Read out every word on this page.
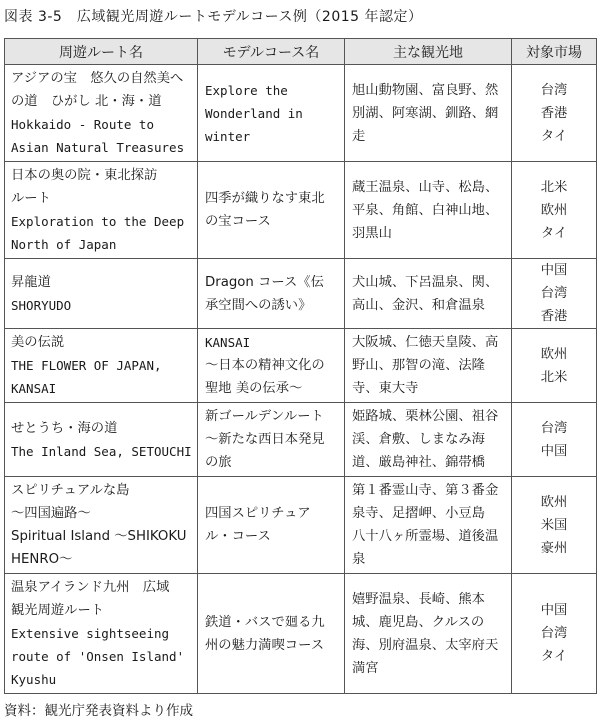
図表 3-5　広域観光周遊ルートモデルコース例（2015 年認定）
周遊ルート名	モデルコース名	主な観光地	対象市場

アジアの宝　悠久の自然美へ
の道　ひがし 北・海・道
Hokkaido - Route to
Asian Natural Treasures	Explore the
Wonderland in
winter	旭山動物園、富良野、然
別湖、阿寒湖、釧路、網
走	台湾
香港
タイ

日本の奥の院・東北探訪
ルート
Exploration to the Deep
North of Japan	四季が織りなす東北
の宝コース	蔵王温泉、山寺、松島、
平泉、角館、白神山地、
羽黒山	北米
欧州
タイ

昇龍道
SHORYUDO	Dragon コース《伝
承空間への誘い》	犬山城、下呂温泉、関、
高山、金沢、和倉温泉	中国
台湾
香港

美の伝説
THE FLOWER OF JAPAN,
KANSAI	KANSAI
～日本の精神文化の
聖地 美の伝承～	大阪城、仁徳天皇陵、高
野山、那智の滝、法隆
寺、東大寺	欧州
北米

せとうち・海の道
The Inland Sea, SETOUCHI	新ゴールデンルート
～新たな西日本発見
の旅	姫路城、栗林公園、祖谷
渓、倉敷、しまなみ海
道、厳島神社、錦帯橋	台湾
中国

スピリチュアルな島
～四国遍路～
Spiritual Island ～SHIKOKU
HENRO～	四国スピリチュア
ル・コース	第１番霊山寺、第３番金
泉寺、足摺岬、小豆島
八十八ヶ所霊場、道後温
泉	欧州
米国
豪州

温泉アイランド九州　広域
観光周遊ルート
Extensive sightseeing
route of 'Onsen Island'
Kyushu	鉄道・バスで廻る九
州の魅力満喫コース	嬉野温泉、長崎、熊本
城、鹿児島、クルスの
海、別府温泉、太宰府天
満宮	中国
台湾
タイ
資料：観光庁発表資料より作成
